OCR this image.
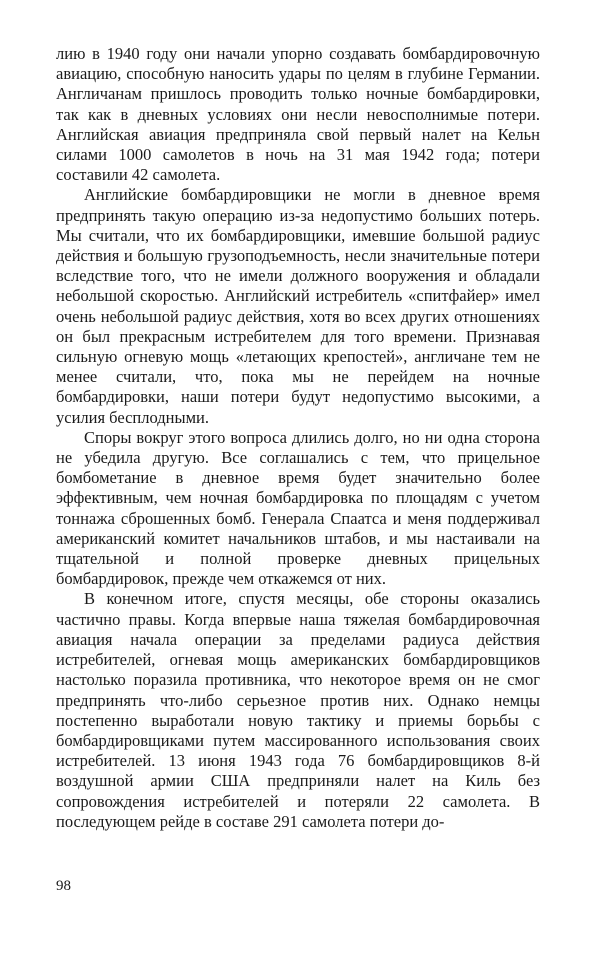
лию в 1940 году они начали упорно создавать бомбардировочную авиацию, способную наносить удары по целям в глубине Германии. Англичанам пришлось проводить только ночные бомбардировки, так как в дневных условиях они несли невосполнимые потери. Английская авиация предприняла свой первый налет на Кельн силами 1000 самолетов в ночь на 31 мая 1942 года; потери составили 42 самолета.

Английские бомбардировщики не могли в дневное время предпринять такую операцию из-за недопустимо больших потерь. Мы считали, что их бомбардировщики, имевшие большой радиус действия и большую грузоподъемность, несли значительные потери вследствие того, что не имели должного вооружения и обладали небольшой скоростью. Английский истребитель «спитфайер» имел очень небольшой радиус действия, хотя во всех других отношениях он был прекрасным истребителем для того времени. Признавая сильную огневую мощь «летающих крепостей», англичане тем не менее считали, что, пока мы не перейдем на ночные бомбардировки, наши потери будут недопустимо высокими, а усилия бесплодными.

Споры вокруг этого вопроса длились долго, но ни одна сторона не убедила другую. Все соглашались с тем, что прицельное бомбометание в дневное время будет значительно более эффективным, чем ночная бомбардировка по площадям с учетом тоннажа сброшенных бомб. Генерала Спаатса и меня поддерживал американский комитет начальников штабов, и мы настаивали на тщательной и полной проверке дневных прицельных бомбардировок, прежде чем откажемся от них.

В конечном итоге, спустя месяцы, обе стороны оказались частично правы. Когда впервые наша тяжелая бомбардировочная авиация начала операции за пределами радиуса действия истребителей, огневая мощь американских бомбардировщиков настолько поразила противника, что некоторое время он не смог предпринять что-либо серьезное против них. Однако немцы постепенно выработали новую тактику и приемы борьбы с бомбардировщиками путем массированного использования своих истребителей. 13 июня 1943 года 76 бомбардировщиков 8-й воздушной армии США предприняли налет на Киль без сопровождения истребителей и потеряли 22 самолета. В последующем рейде в составе 291 самолета потери до-

98
